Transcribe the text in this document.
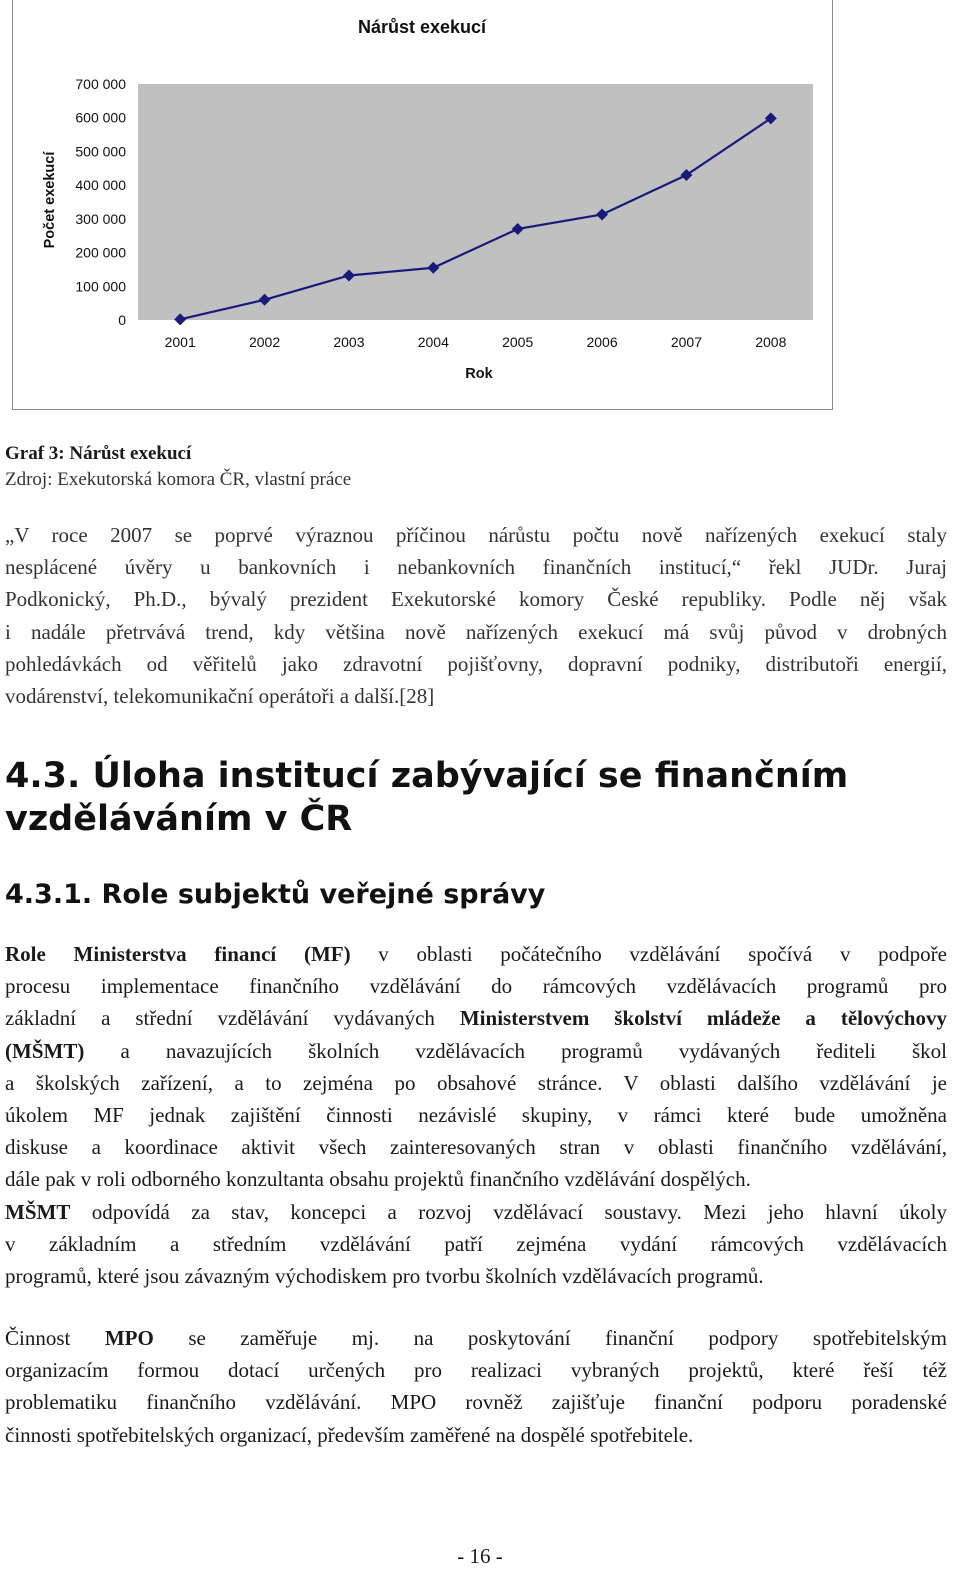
Nárůst exekucí
0
100 000
200 000
300 000
400 000
500 000
600 000
700 000
2001	2002	2003	2004	2005	2006	2007	2008
Počet exekucí
Rok
Graf 3: Nárůst exekucí
Zdroj: Exekutorská komora ČR, vlastní práce

„V roce 2007 se poprvé výraznou příčinou nárůstu počtu nově nařízených exekucí staly
nesplácené úvěry u bankovních i nebankovních finančních institucí,“ řekl JUDr. Juraj
Podkonický, Ph.D., bývalý prezident Exekutorské komory České republiky. Podle něj však
i nadále přetrvává trend, kdy většina nově nařízených exekucí má svůj původ v drobných
pohledávkách od věřitelů jako zdravotní pojišťovny, dopravní podniky, distributoři energií,
vodárenství, telekomunikační operátoři a další.[28]

4.3. Úloha institucí zabývající se finančním
vzděláváním v ČR
4.3.1. Role subjektů veřejné správy

Role Ministerstva financí (MF) v oblasti počátečního vzdělávání spočívá v podpoře
procesu implementace finančního vzdělávání do rámcových vzdělávacích programů pro
základní a střední vzdělávání vydávaných Ministerstvem školství mládeže a tělovýchovy
(MŠMT) a navazujících školních vzdělávacích programů vydávaných řediteli škol
a školských zařízení, a to zejména po obsahové stránce. V oblasti dalšího vzdělávání je
úkolem MF jednak zajištění činnosti nezávislé skupiny, v rámci které bude umožněna
diskuse a koordinace aktivit všech zainteresovaných stran v oblasti finančního vzdělávání,
dále pak v roli odborného konzultanta obsahu projektů finančního vzdělávání dospělých.
MŠMT odpovídá za stav, koncepci a rozvoj vzdělávací soustavy. Mezi jeho hlavní úkoly
v základním a středním vzdělávání patří zejména vydání rámcových vzdělávacích
programů, které jsou závazným východiskem pro tvorbu školních vzdělávacích programů.

Činnost MPO se zaměřuje mj. na poskytování finanční podpory spotřebitelským
organizacím formou dotací určených pro realizaci vybraných projektů, které řeší též
problematiku finančního vzdělávání. MPO rovněž zajišťuje finanční podporu poradenské
činnosti spotřebitelských organizací, především zaměřené na dospělé spotřebitele.

- 16 -
